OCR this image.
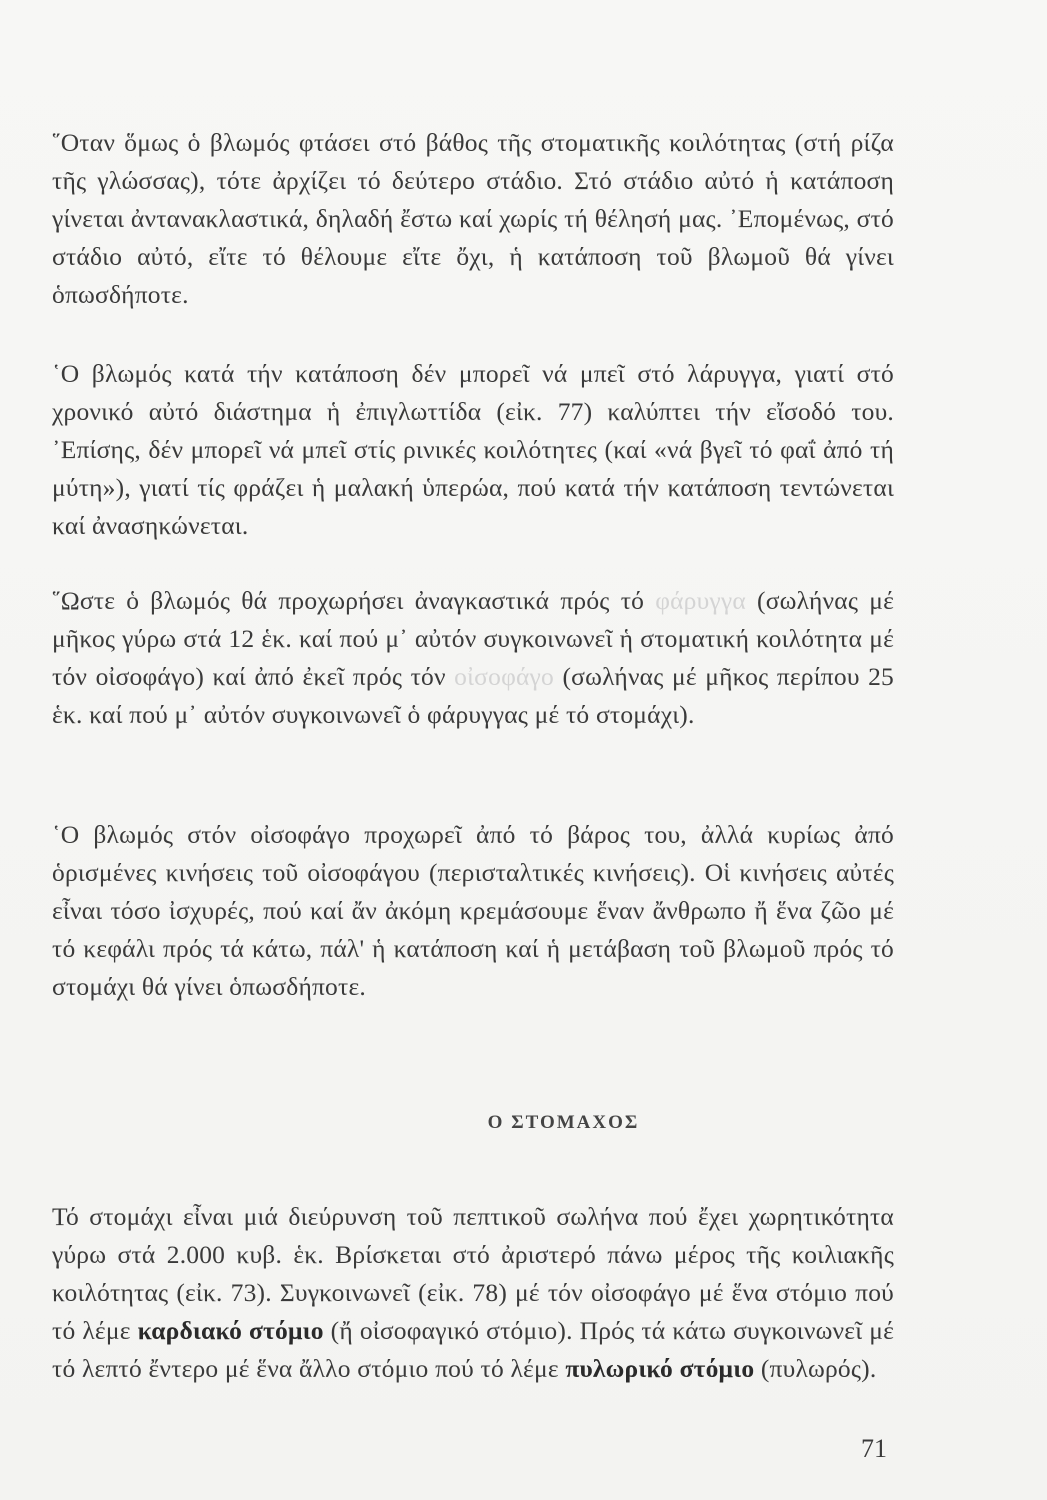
῞Οταν ὅμως ὁ βλωμός φτάσει στό βάθος τῆς στοματικῆς κοιλότητας (στή ρίζα τῆς γλώσσας), τότε ἀρχίζει τό δεύτερο στάδιο. Στό στάδιο αὐτό ἡ κατάποση γίνεται ἀντανακλαστικά, δηλαδή ἔστω καί χωρίς τή θέλησή μας. ᾿Επομένως, στό στάδιο αὐτό, εἴτε τό θέλουμε εἴτε ὄχι, ἡ κατάποση τοῦ βλωμοῦ θά γίνει ὁπωσδήποτε.

῾Ο βλωμός κατά τήν κατάποση δέν μπορεῖ νά μπεῖ στό λάρυγγα, γιατί στό χρονικό αὐτό διάστημα ἡ ἐπιγλωττίδα (εἰκ. 77) καλύπτει τήν εἴσοδό του. ᾿Επίσης, δέν μπορεῖ νά μπεῖ στίς ρινικές κοιλότητες (καί «νά βγεῖ τό φαΐ ἀπό τή μύτη»), γιατί τίς φράζει ἡ μαλακή ὑπερώα, πού κατά τήν κατάποση τεντώνεται καί ἀνασηκώνεται.

῞Ωστε ὁ βλωμός θά προχωρήσει ἀναγκαστικά πρός τό φάρυγγα (σωλήνας μέ μῆκος γύρω στά 12 ἑκ. καί πού μ᾿ αὐτόν συγκοινωνεῖ ἡ στοματική κοιλότητα μέ τόν οἰσοφάγο) καί ἀπό ἐκεῖ πρός τόν οἰσοφάγο (σωλήνας μέ μῆκος περίπου 25 ἑκ. καί πού μ᾿ αὐτόν συγκοινωνεῖ ὁ φάρυγγας μέ τό στομάχι).

῾Ο βλωμός στόν οἰσοφάγο προχωρεῖ ἀπό τό βάρος του, ἀλλά κυρίως ἀπό ὁρισμένες κινήσεις τοῦ οἰσοφάγου (περισταλτικές κινήσεις). Οἱ κινήσεις αὐτές εἶναι τόσο ἰσχυρές, πού καί ἄν ἀκόμη κρεμάσουμε ἕναν ἄνθρωπο ἤ ἕνα ζῶο μέ τό κεφάλι πρός τά κάτω, πάλ' ἡ κατάποση καί ἡ μετάβαση τοῦ βλωμοῦ πρός τό στομάχι θά γίνει ὁπωσδήποτε.

Ο ΣΤΟΜΑΧΟΣ

Τό στομάχι εἶναι μιά διεύρυνση τοῦ πεπτικοῦ σωλήνα πού ἔχει χωρητικότητα γύρω στά 2.000 κυβ. ἑκ. Βρίσκεται στό ἀριστερό πάνω μέρος τῆς κοιλιακῆς κοιλότητας (εἰκ. 73). Συγκοινωνεῖ (εἰκ. 78) μέ τόν οἰσοφάγο μέ ἕνα στόμιο πού τό λέμε καρδιακό στόμιο (ἤ οἰσοφαγικό στόμιο). Πρός τά κάτω συγκοινωνεῖ μέ τό λεπτό ἔντερο μέ ἕνα ἄλλο στόμιο πού τό λέμε πυλωρικό στόμιο (πυλωρός).

71
